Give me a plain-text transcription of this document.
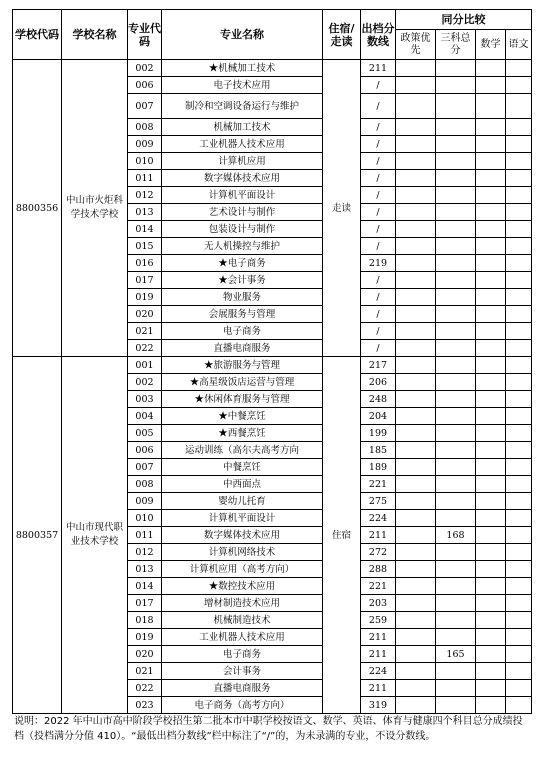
学校代码	学校名称	专业代码	专业名称	住宿/走读	出档分数线	同分比较			
						政策优先	三科总分	数学	语文
8800356	中山市火炬科学技术学校	002	★机械加工技术	走读	211				
		006	电子技术应用		/				
		007	制冷和空调设备运行与维护		/				
		008	机械加工技术		/				
		009	工业机器人技术应用		/				
		010	计算机应用		/				
		011	数字媒体技术应用		/				
		012	计算机平面设计		/				
		013	艺术设计与制作		/				
		014	包装设计与制作		/				
		015	无人机操控与维护		/				
		016	★电子商务		219				
		017	★会计事务		/				
		019	物业服务		/				
		020	会展服务与管理		/				
		021	电子商务		/				
		022	直播电商服务		/				
8800357	中山市现代职业技术学校	001	★旅游服务与管理	住宿	217				
		002	★高星级饭店运营与管理		206				
		003	★休闲体育服务与管理		248				
		004	★中餐烹饪		204				
		005	★西餐烹饪		199				
		006	运动训练（高尔夫高考方向		185				
		007	中餐烹饪		189				
		008	中西面点		221				
		009	婴幼儿托育		275				
		010	计算机平面设计		224				
		011	数字媒体技术应用		211		168		
		012	计算机网络技术		272				
		013	计算机应用（高考方向）		288				
		014	★数控技术应用		221				
		017	增材制造技术应用		203				
		018	机械制造技术		259				
		019	工业机器人技术应用		211				
		020	电子商务		211		165		
		021	会计事务		224				
		022	直播电商服务		211				
		023	电子商务（高考方向）		319				
说明：2022 年中山市高中阶段学校招生第二批本市中职学校按语文、数学、英语、体育与健康四个科目总分成绩投档（投档满分分值 410）。“最低出档分数线”栏中标注了“/”的，为未录满的专业，不设分数线。
